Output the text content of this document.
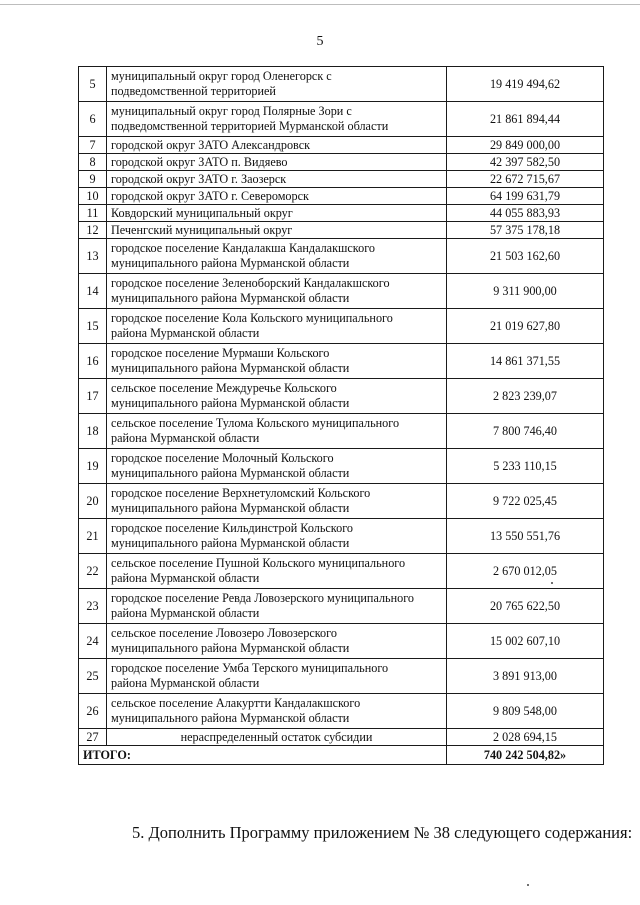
5
5	муниципальный округ город Оленегорск с
подведомственной территорией	19 419 494,62
6	муниципальный округ город Полярные Зори с
подведомственной территорией Мурманской области	21 861 894,44
7	городской округ ЗАТО Александровск	29 849 000,00
8	городской округ ЗАТО п. Видяево	42 397 582,50
9	городской округ ЗАТО г. Заозерск	22 672 715,67
10	городской округ ЗАТО г. Североморск	64 199 631,79
11	Ковдорский муниципальный округ	44 055 883,93
12	Печенгский муниципальный округ	57 375 178,18
13	городское поселение Кандалакша Кандалакшского
муниципального района Мурманской области	21 503 162,60
14	городское поселение Зеленоборский Кандалакшского
муниципального района Мурманской области	9 311 900,00
15	городское поселение Кола Кольского муниципального
района Мурманской области	21 019 627,80
16	городское поселение Мурмаши Кольского
муниципального района Мурманской области	14 861 371,55
17	сельское поселение Междуречье Кольского
муниципального района Мурманской области	2 823 239,07
18	сельское поселение Тулома Кольского муниципального
района Мурманской области	7 800 746,40
19	городское поселение Молочный Кольского
муниципального района Мурманской области	5 233 110,15
20	городское поселение Верхнетуломский Кольского
муниципального района Мурманской области	9 722 025,45
21	городское поселение Кильдинстрой Кольского
муниципального района Мурманской области	13 550 551,76
22	сельское поселение Пушной Кольского муниципального
района Мурманской области	2 670 012,05
23	городское поселение Ревда Ловозерского муниципального
района Мурманской области	20 765 622,50
24	сельское поселение Ловозеро Ловозерского
муниципального района Мурманской области	15 002 607,10
25	городское поселение Умба Терского муниципального
района Мурманской области	3 891 913,00
26	сельское поселение Алакуртти Кандалакшского
муниципального района Мурманской области	9 809 548,00
27	нераспределенный остаток субсидии	2 028 694,15
ИТОГО:		740 242 504,82»
5. Дополнить Программу приложением № 38 следующего содержания:
